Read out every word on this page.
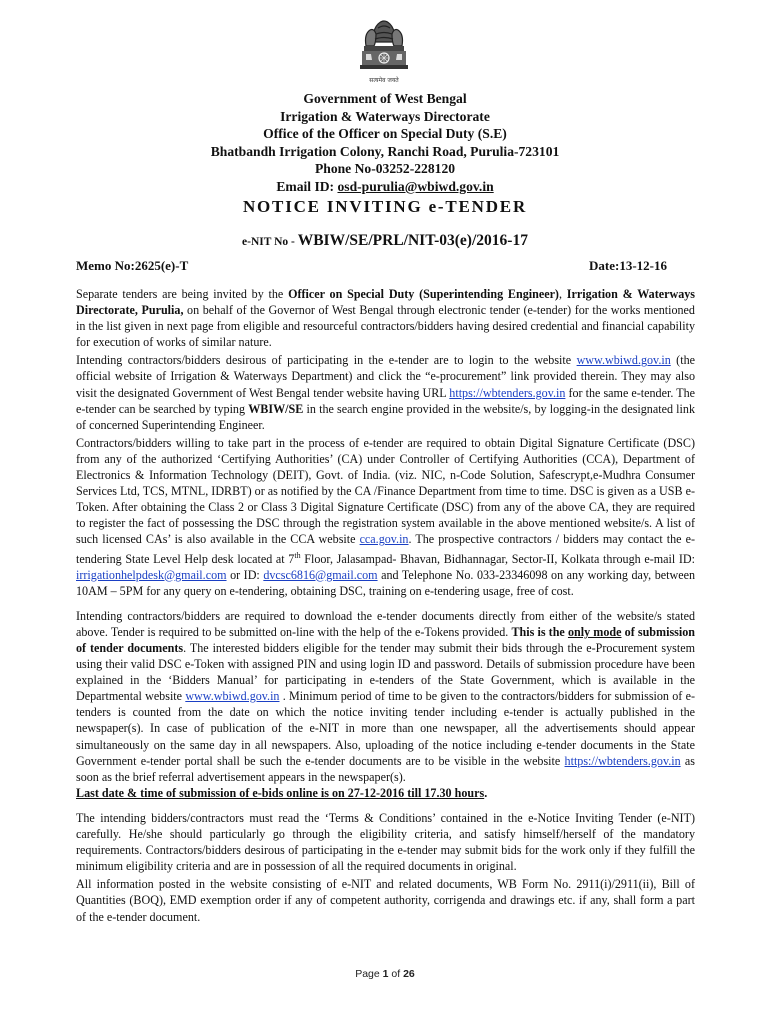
सत्यमेव जयते
Government of West Bengal
Irrigation & Waterways Directorate
Office of the Officer on Special Duty (S.E)
Bhatbandh Irrigation Colony, Ranchi Road, Purulia-723101
Phone No-03252-228120
Email ID: osd-purulia@wbiwd.gov.in
NOTICE INVITING e-TENDER
e-NIT No - WBIW/SE/PRL/NIT-03(e)/2016-17
Memo No:2625(e)-T	Date:13-12-16

Separate tenders are being invited by the Officer on Special Duty (Superintending Engineer), Irrigation & Waterways Directorate, Purulia, on behalf of the Governor of West Bengal through electronic tender (e-tender) for the works mentioned in the list given in next page from eligible and resourceful contractors/bidders having desired credential and financial capability for execution of works of similar nature.

Intending contractors/bidders desirous of participating in the e-tender are to login to the website www.wbiwd.gov.in (the official website of Irrigation & Waterways Department) and click the “e-procurement” link provided therein. They may also visit the designated Government of West Bengal tender website having URL https://wbtenders.gov.in for the same e-tender. The e-tender can be searched by typing WBIW/SE in the search engine provided in the website/s, by logging-in the designated link of concerned Superintending Engineer.

Contractors/bidders willing to take part in the process of e-tender are required to obtain Digital Signature Certificate (DSC) from any of the authorized ‘Certifying Authorities’ (CA) under Controller of Certifying Authorities (CCA), Department of Electronics & Information Technology (DEIT), Govt. of India. (viz. NIC, n-Code Solution, Safescrypt,e-Mudhra Consumer Services Ltd, TCS, MTNL, IDRBT) or as notified by the CA /Finance Department from time to time. DSC is given as a USB e-Token. After obtaining the Class 2 or Class 3 Digital Signature Certificate (DSC) from any of the above CA, they are required to register the fact of possessing the DSC through the registration system available in the above mentioned website/s. A list of such licensed CAs’ is also available in the CCA website cca.gov.in. The prospective contractors / bidders may contact the e-tendering State Level Help desk located at 7th Floor, Jalasampad- Bhavan, Bidhannagar, Sector-II, Kolkata through e-mail ID: irrigationhelpdesk@gmail.com or ID: dvcsc6816@gmail.com and Telephone No. 033-23346098 on any working day, between 10AM – 5PM for any query on e-tendering, obtaining DSC, training on e-tendering usage, free of cost.

Intending contractors/bidders are required to download the e-tender documents directly from either of the website/s stated above. Tender is required to be submitted on-line with the help of the e-Tokens provided. This is the only mode of submission of tender documents. The interested bidders eligible for the tender may submit their bids through the e-Procurement system using their valid DSC e-Token with assigned PIN and using login ID and password. Details of submission procedure have been explained in the ‘Bidders Manual’ for participating in e-tenders of the State Government, which is available in the Departmental website www.wbiwd.gov.in . Minimum period of time to be given to the contractors/bidders for submission of e-tenders is counted from the date on which the notice inviting tender including e-tender is actually published in the newspaper(s). In case of publication of the e-NIT in more than one newspaper, all the advertisements should appear simultaneously on the same day in all newspapers. Also, uploading of the notice including e-tender documents in the State Government e-tender portal shall be such the e-tender documents are to be visible in the website https://wbtenders.gov.in as soon as the brief referral advertisement appears in the newspaper(s).

Last date & time of submission of e-bids online is on 27-12-2016 till 17.30 hours.

The intending bidders/contractors must read the ‘Terms & Conditions’ contained in the e-Notice Inviting Tender (e-NIT) carefully. He/she should particularly go through the eligibility criteria, and satisfy himself/herself of the mandatory requirements. Contractors/bidders desirous of participating in the e-tender may submit bids for the work only if they fulfill the minimum eligibility criteria and are in possession of all the required documents in original.

All information posted in the website consisting of e-NIT and related documents, WB Form No. 2911(i)/2911(ii), Bill of Quantities (BOQ), EMD exemption order if any of competent authority, corrigenda and drawings etc. if any, shall form a part of the e-tender document.

Page 1 of 26
